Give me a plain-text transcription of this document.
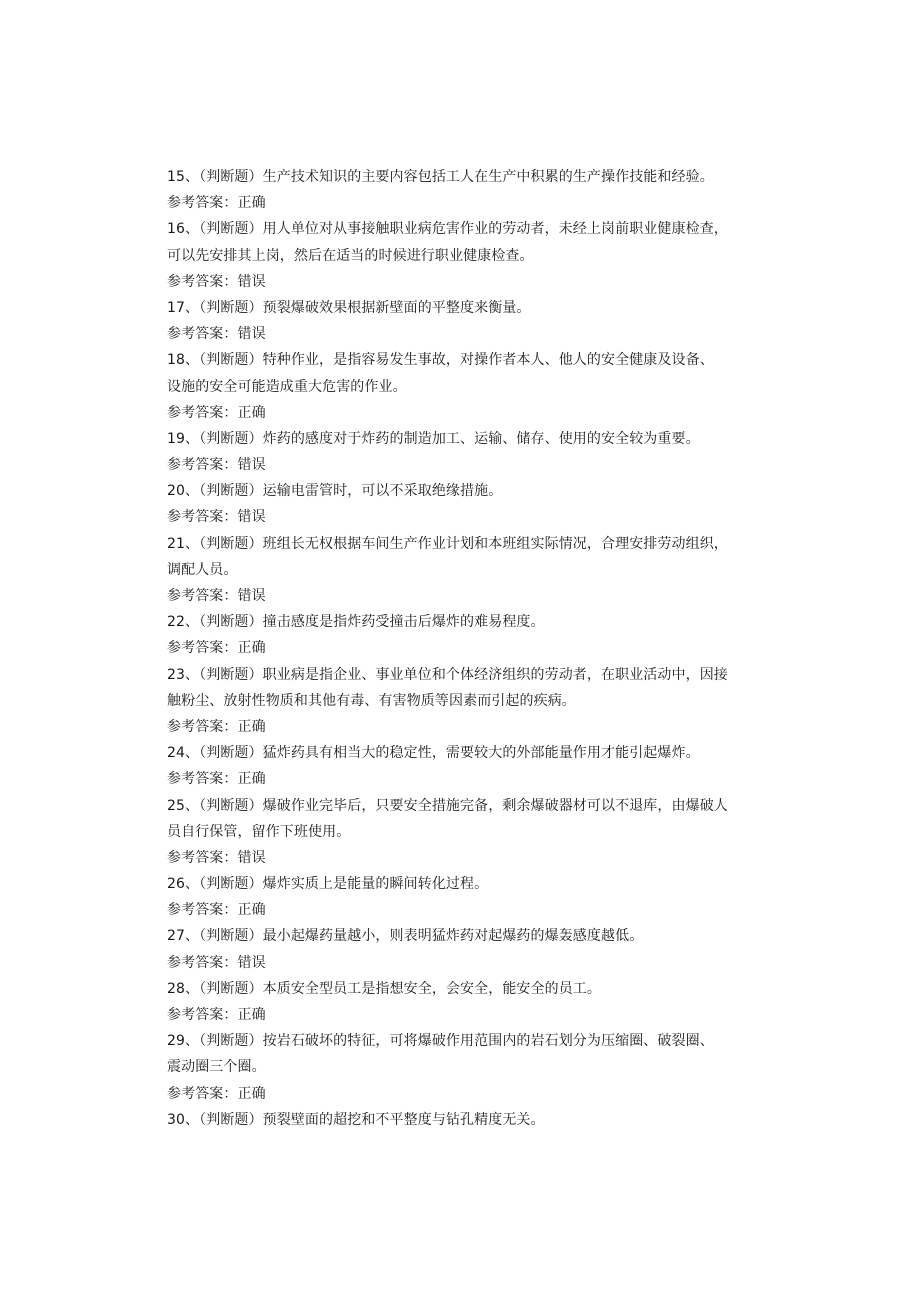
15、（判断题）生产技术知识的主要内容包括工人在生产中积累的生产操作技能和经验。
参考答案：正确
16、（判断题）用人单位对从事接触职业病危害作业的劳动者，未经上岗前职业健康检查，
可以先安排其上岗，然后在适当的时候进行职业健康检查。
参考答案：错误
17、（判断题）预裂爆破效果根据新壁面的平整度来衡量。
参考答案：错误
18、（判断题）特种作业，是指容易发生事故，对操作者本人、他人的安全健康及设备、
设施的安全可能造成重大危害的作业。
参考答案：正确
19、（判断题）炸药的感度对于炸药的制造加工、运输、储存、使用的安全较为重要。
参考答案：错误
20、（判断题）运输电雷管时，可以不采取绝缘措施。
参考答案：错误
21、（判断题）班组长无权根据车间生产作业计划和本班组实际情况，合理安排劳动组织，
调配人员。
参考答案：错误
22、（判断题）撞击感度是指炸药受撞击后爆炸的难易程度。
参考答案：正确
23、（判断题）职业病是指企业、事业单位和个体经济组织的劳动者，在职业活动中，因接
触粉尘、放射性物质和其他有毒、有害物质等因素而引起的疾病。
参考答案：正确
24、（判断题）猛炸药具有相当大的稳定性，需要较大的外部能量作用才能引起爆炸。
参考答案：正确
25、（判断题）爆破作业完毕后，只要安全措施完备，剩余爆破器材可以不退库，由爆破人
员自行保管，留作下班使用。
参考答案：错误
26、（判断题）爆炸实质上是能量的瞬间转化过程。
参考答案：正确
27、（判断题）最小起爆药量越小，则表明猛炸药对起爆药的爆轰感度越低。
参考答案：错误
28、（判断题）本质安全型员工是指想安全，会安全，能安全的员工。
参考答案：正确
29、（判断题）按岩石破坏的特征，可将爆破作用范围内的岩石划分为压缩圈、破裂圈、
震动圈三个圈。
参考答案：正确
30、（判断题）预裂壁面的超挖和不平整度与钻孔精度无关。
